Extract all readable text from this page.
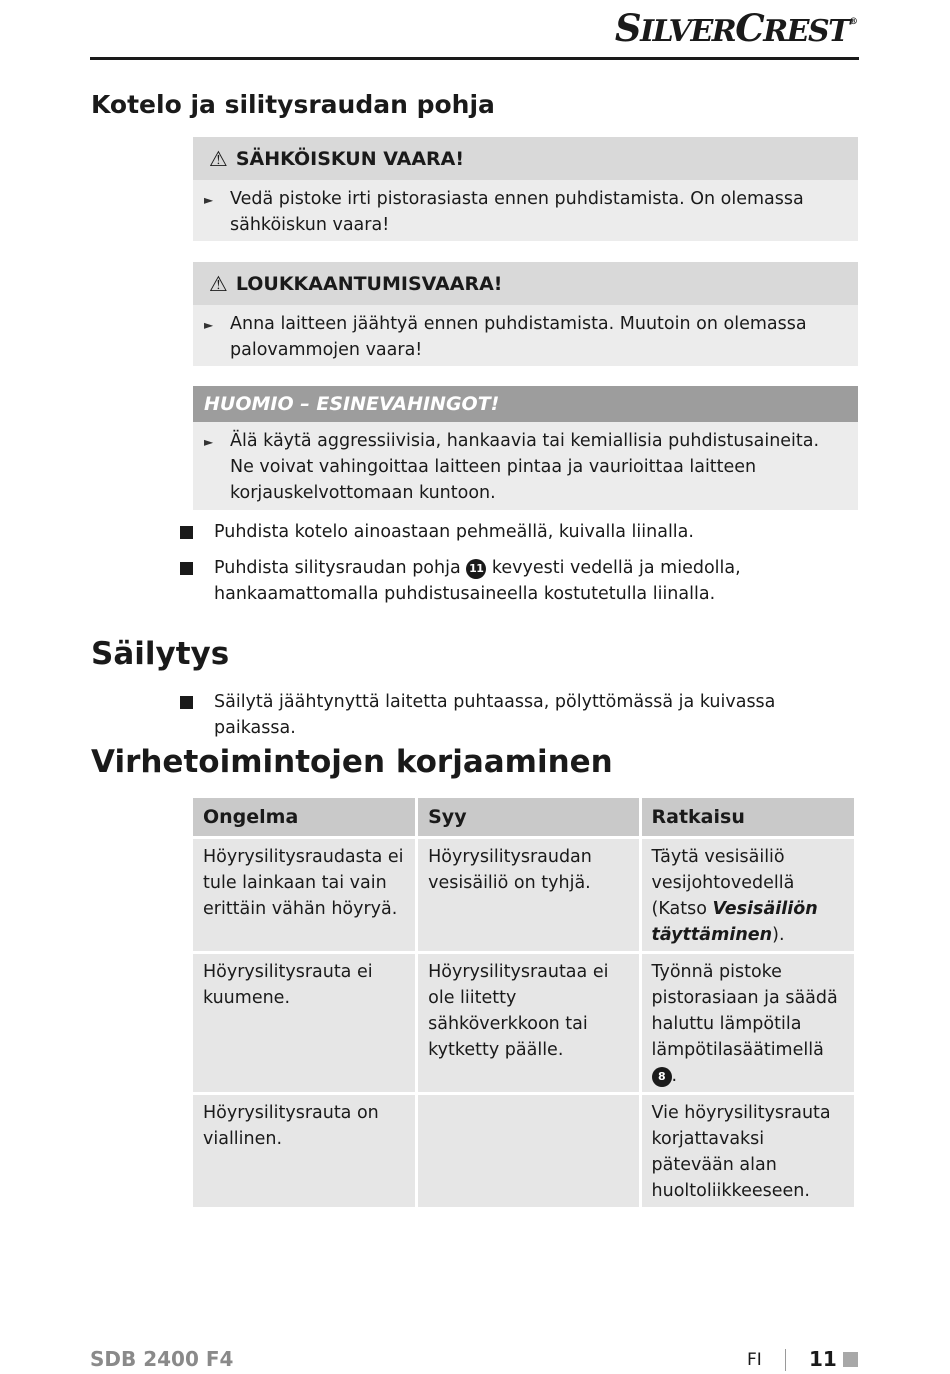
SILVERCREST®
Kotelo ja silitysraudan pohja
⚠ SÄHKÖISKUN VAARA!
► Vedä pistoke irti pistorasiasta ennen puhdistamista. On olemassa sähköiskun vaara!
⚠ LOUKKAANTUMISVAARA!
► Anna laitteen jäähtyä ennen puhdistamista. Muutoin on olemassa palovammojen vaara!
HUOMIO – ESINEVAHINGOT!
► Älä käytä aggressiivisia, hankaavia tai kemiallisia puhdistusaineita. Ne voivat vahingoittaa laitteen pintaa ja vaurioittaa laitteen korjauskelvottomaan kuntoon.
Puhdista kotelo ainoastaan pehmeällä, kuivalla liinalla.
Puhdista silitysraudan pohja 11 kevyesti vedellä ja miedolla, hankaamattomalla puhdistusaineella kostutetulla liinalla.
Säilytys
Säilytä jäähtynyttä laitetta puhtaassa, pölyttömässä ja kuivassa paikassa.
Virhetoimintojen korjaaminen
Ongelma	Syy	Ratkaisu
Höyrysilitysraudasta ei tule lainkaan tai vain erittäin vähän höyryä.	Höyrysilitysraudan vesisäiliö on tyhjä.	Täytä vesisäiliö vesijohtovedellä (Katso Vesisäiliön täyttäminen).
Höyrysilitysrauta ei kuumene.	Höyrysilitysrautaa ei ole liitetty sähköverkkoon tai kytketty päälle.	Työnnä pistoke pistorasiaan ja säädä haluttu lämpötila lämpötilasäätimellä 8 .
Höyrysilitysrauta on viallinen.		Vie höyrysilitysrauta korjattavaksi pätevään alan huoltoliikkeeseen.
SDB 2400 F4	FI 11
